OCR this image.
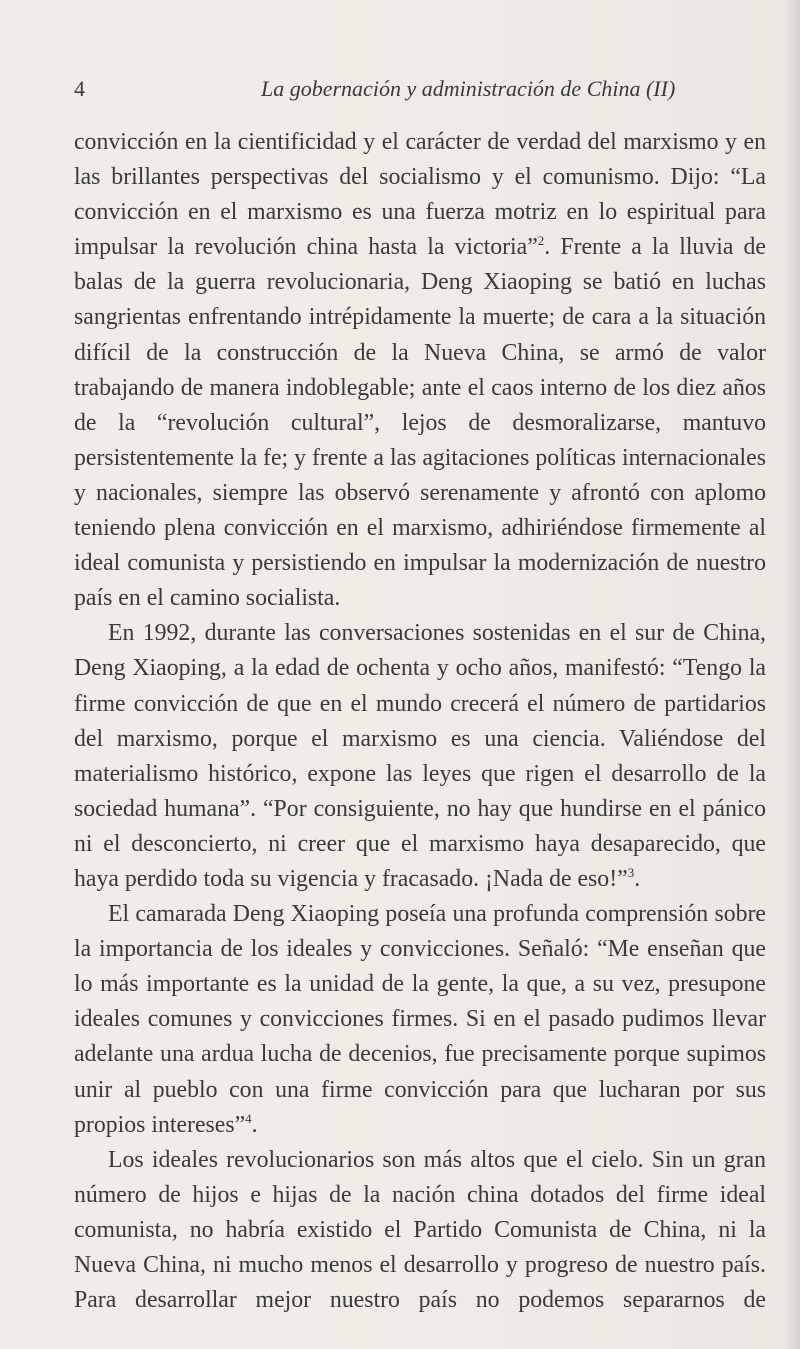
4	La gobernación y administración de China (II)

convicción en la cientificidad y el carácter de verdad del marxismo y en las brillantes perspectivas del socialismo y el comunismo. Dijo: “La convicción en el marxismo es una fuerza motriz en lo espiritual para impulsar la revolución china hasta la victoria”$^2$. Frente a la lluvia de balas de la guerra revolucionaria, Deng Xiaoping se batió en luchas sangrientas enfrentando intrépidamente la muerte; de cara a la situación difícil de la construcción de la Nueva China, se armó de valor trabajando de manera indoblegable; ante el caos interno de los diez años de la “revolución cultural”, lejos de desmoralizarse, mantuvo persistentemente la fe; y frente a las agitaciones políticas internacionales y nacionales, siempre las observó serenamente y afrontó con aplomo teniendo plena convicción en el marxismo, adhiriéndose firmemente al ideal comunista y persistiendo en impulsar la modernización de nuestro país en el camino socialista.

En 1992, durante las conversaciones sostenidas en el sur de China, Deng Xiaoping, a la edad de ochenta y ocho años, manifestó: “Tengo la firme convicción de que en el mundo crecerá el número de partidarios del marxismo, porque el marxismo es una ciencia. Valiéndose del materialismo histórico, expone las leyes que rigen el desarrollo de la sociedad humana”. “Por consiguiente, no hay que hundirse en el pánico ni el desconcierto, ni creer que el marxismo haya desaparecido, que haya perdido toda su vigencia y fracasado. ¡Nada de eso!”$^3$.

El camarada Deng Xiaoping poseía una profunda comprensión sobre la importancia de los ideales y convicciones. Señaló: “Me enseñan que lo más importante es la unidad de la gente, la que, a su vez, presupone ideales comunes y convicciones firmes. Si en el pasado pudimos llevar adelante una ardua lucha de decenios, fue precisamente porque supimos unir al pueblo con una firme convicción para que lucharan por sus propios intereses”$^4$.

Los ideales revolucionarios son más altos que el cielo. Sin un gran número de hijos e hijas de la nación china dotados del firme ideal comunista, no habría existido el Partido Comunista de China, ni la Nueva China, ni mucho menos el desarrollo y progreso de nuestro país. Para desarrollar mejor nuestro país no podemos separarnos de
